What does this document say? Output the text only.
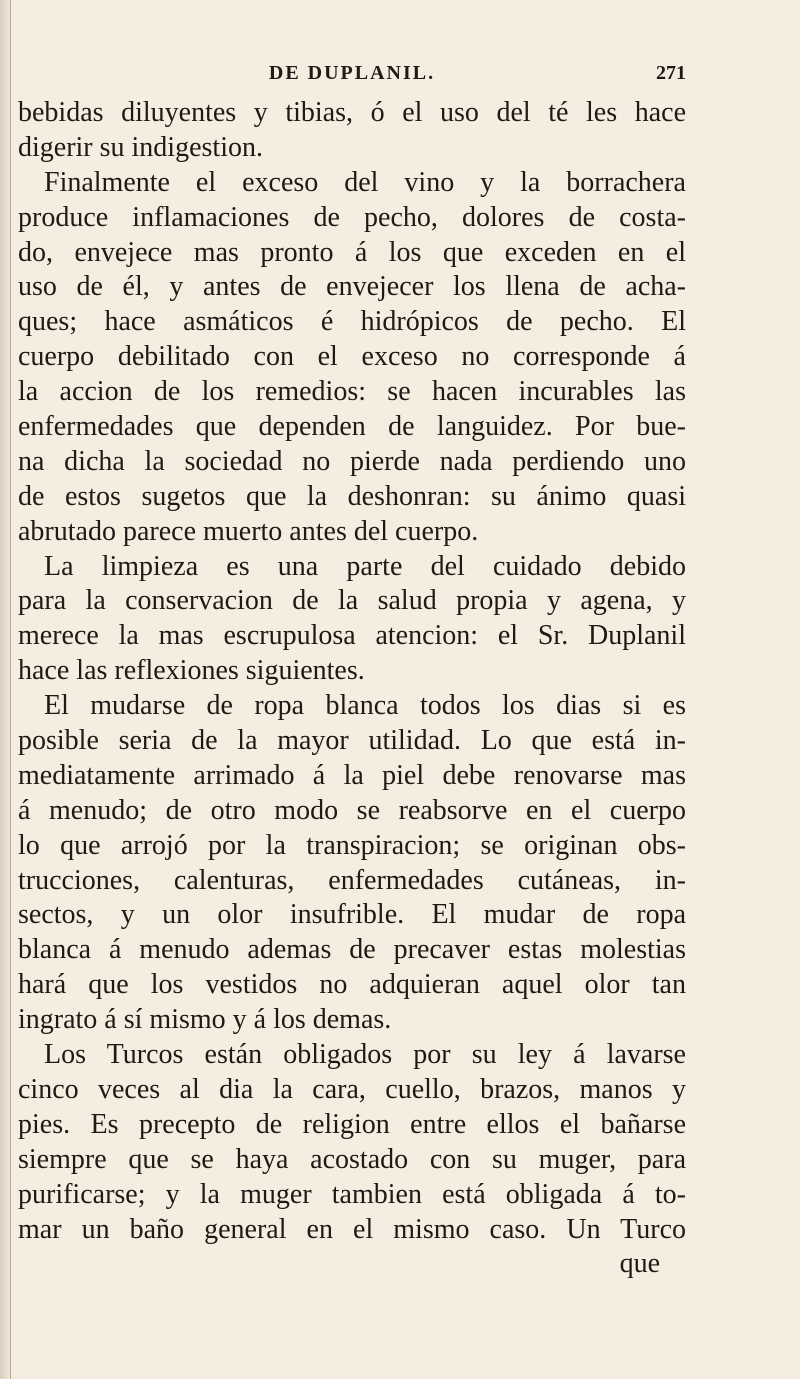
DE DUPLANIL.	271
bebidas diluyentes y tibias, ó el uso del té les hace
digerir su indigestion.
Finalmente el exceso del vino y la borrachera
produce inflamaciones de pecho, dolores de costa-
do, envejece mas pronto á los que exceden en el
uso de él, y antes de envejecer los llena de acha-
ques; hace asmáticos é hidrópicos de pecho. El
cuerpo debilitado con el exceso no corresponde á
la accion de los remedios: se hacen incurables las
enfermedades que dependen de languidez. Por bue-
na dicha la sociedad no pierde nada perdiendo uno
de estos sugetos que la deshonran: su ánimo quasi
abrutado parece muerto antes del cuerpo.
La limpieza es una parte del cuidado debido
para la conservacion de la salud propia y agena, y
merece la mas escrupulosa atencion: el Sr. Duplanil
hace las reflexiones siguientes.
El mudarse de ropa blanca todos los dias si es
posible seria de la mayor utilidad. Lo que está in-
mediatamente arrimado á la piel debe renovarse mas
á menudo; de otro modo se reabsorve en el cuerpo
lo que arrojó por la transpiracion; se originan obs-
trucciones, calenturas, enfermedades cutáneas, in-
sectos, y un olor insufrible. El mudar de ropa
blanca á menudo ademas de precaver estas molestias
hará que los vestidos no adquieran aquel olor tan
ingrato á sí mismo y á los demas.
Los Turcos están obligados por su ley á lavarse
cinco veces al dia la cara, cuello, brazos, manos y
pies. Es precepto de religion entre ellos el bañarse
siempre que se haya acostado con su muger, para
purificarse; y la muger tambien está obligada á to-
mar un baño general en el mismo caso. Un Turco
que
